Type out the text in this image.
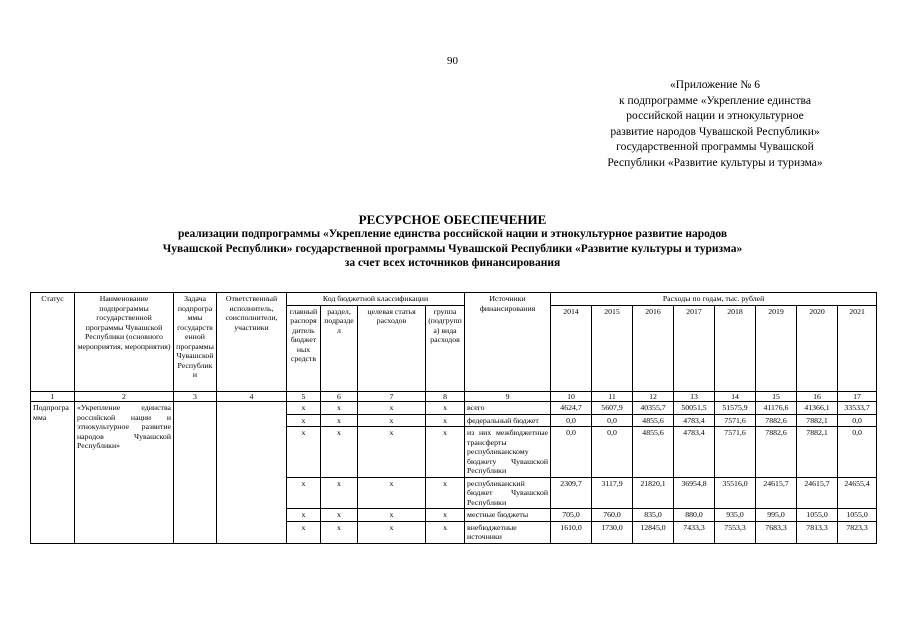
90
«Приложение № 6
к подпрограмме «Укрепление единства
российской нации и этнокультурное
развитие народов Чувашской Республики»
государственной программы Чувашской
Республики «Развитие культуры и туризма»
РЕСУРСНОЕ ОБЕСПЕЧЕНИЕ
реализации подпрограммы «Укрепление единства российской нации и этнокультурное развитие народов
Чувашской Республики» государственной программы Чувашской Республики «Развитие культуры и туризма»
за счет всех источников финансирования
Статус	Наименование подпрограммы государственной программы Чувашской Республики (основного мероприятия, мероприятия)	Задача подпрограммы государственной программы Чувашской Республики	Ответственный исполнитель, соисполнители, участники	Код бюджетной классификации				Источники финансирования	Расходы по годам, тыс. рублей							
				главный распорядитель бюджетных средств	раздел, подраздел	целевая статья расходов	группа (подгруппа) вида расходов		2014	2015	2016	2017	2018	2019	2020	2021
1	2	3	4	5	6	7	8	9	10	11	12	13	14	15	16	17
Подпрограмма	«Укрепление единства российской нации и этнокультурное развитие народов Чувашской Республики»			х	х	х	х	всего	4624,7	5607,9	40355,7	50051,5	51575,9	41176,6	41366,1	33533,7
				х	х	х	х	федеральный бюджет	0,0	0,0	4855,6	4783,4	7571,6	7882,6	7882,1	0,0
				х	х	х	х	из них межбюджетные трансферты республиканскому бюджету Чувашской Республики	0,0	0,0	4855,6	4783,4	7571,6	7882,6	7882,1	0,0
				х	х	х	х	республиканский бюджет Чувашской Республики	2309,7	3117,9	21820,1	36954,8	35516,0	24615,7	24615,7	24655,4
				х	х	х	х	местные бюджеты	705,0	760,0	835,0	880,0	935,0	995,0	1055,0	1055,0
				х	х	х	х	внебюджетные источники	1610,0	1730,0	12845,0	7433,3	7553,3	7683,3	7813,3	7823,3
